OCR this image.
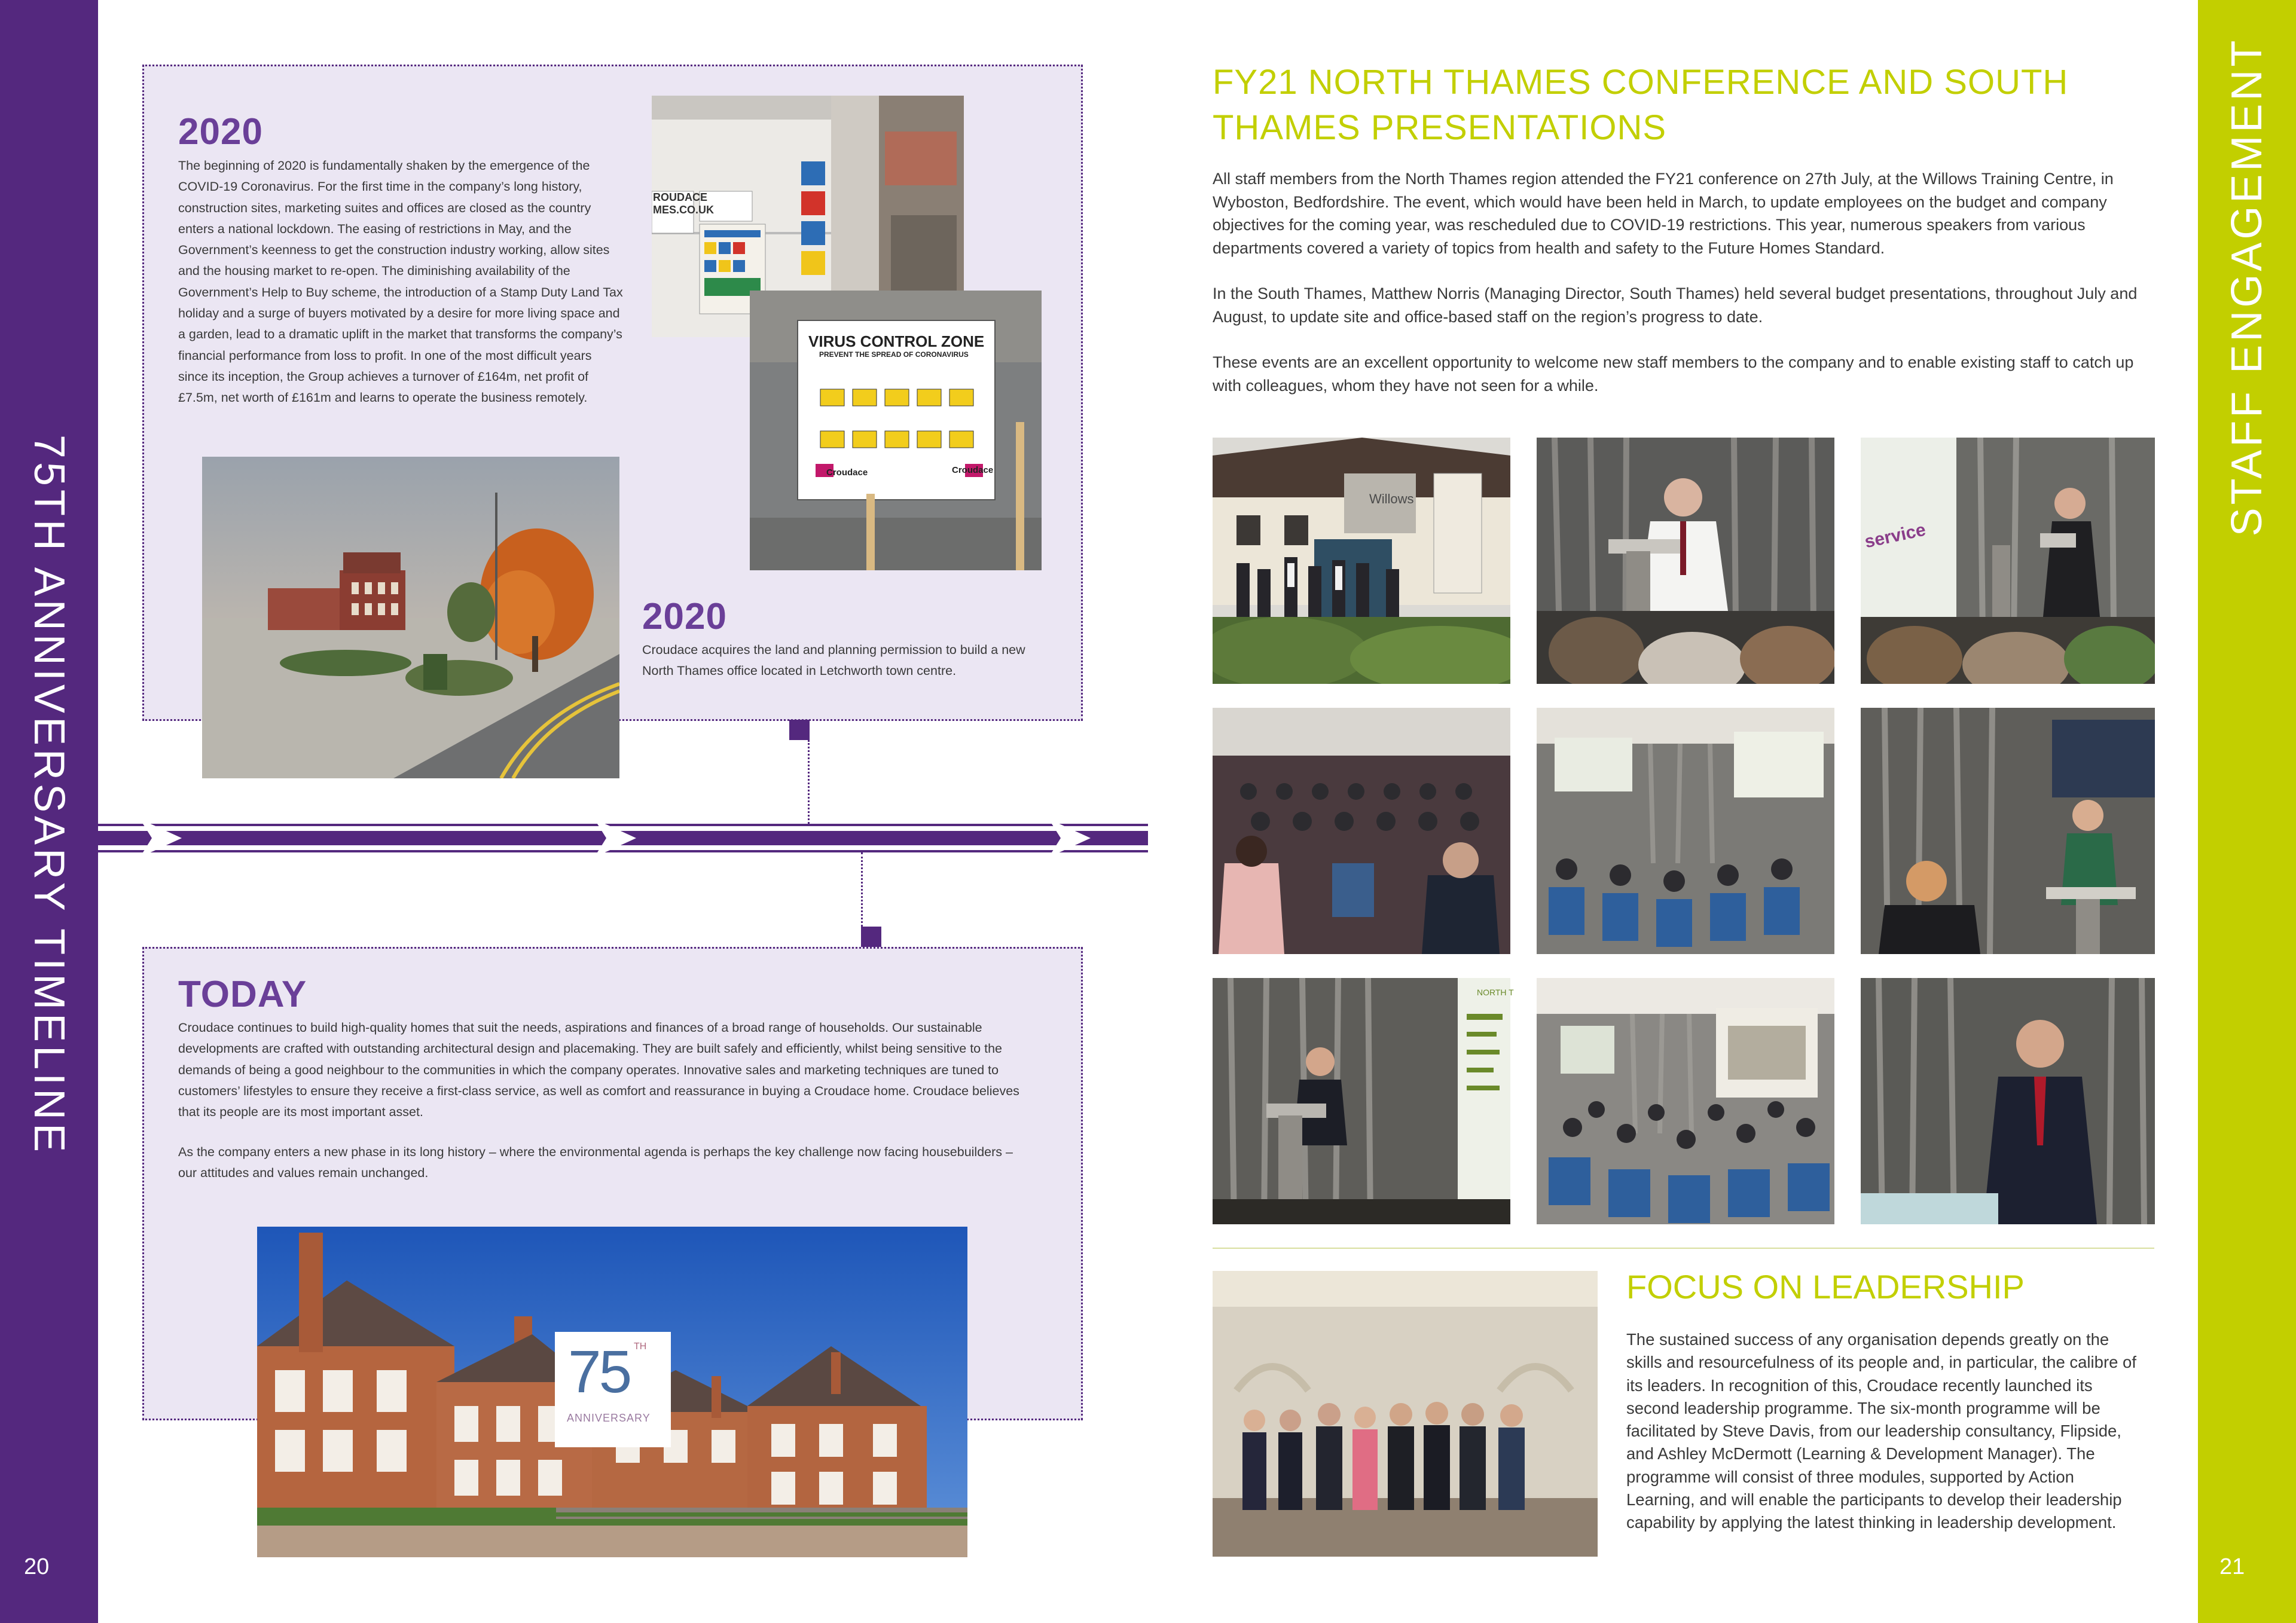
75TH ANNIVERSARY TIMELINE
20
2020
The beginning of 2020 is fundamentally shaken by the emergence of the COVID-19 Coronavirus. For the first time in the company’s long history, construction sites, marketing suites and offices are closed as the country enters a national lockdown. The easing of restrictions in May, and the Government’s keenness to get the construction industry working, allow sites and the housing market to re-open. The diminishing availability of the Government’s Help to Buy scheme, the introduction of a Stamp Duty Land Tax holiday and a surge of buyers motivated by a desire for more living space and a garden, lead to a dramatic uplift in the market that transforms the company’s financial performance from loss to profit. In one of the most difficult years since its inception, the Group achieves a turnover of £164m, net profit of £7.5m, net worth of £161m and learns to operate the business remotely.
ROUDACE
MES.CO.UK
VIRUS CONTROL ZONE
PREVENT THE SPREAD OF CORONAVIRUS
Croudace	Croudace
2020
Croudace acquires the land and planning permission to build a new North Thames office located in Letchworth town centre.
TODAY
Croudace continues to build high-quality homes that suit the needs, aspirations and finances of a broad range of households. Our sustainable developments are crafted with outstanding architectural design and placemaking. They are built safely and efficiently, whilst being sensitive to the demands of being a good neighbour to the communities in which the company operates. Innovative sales and marketing techniques are tuned to customers’ lifestyles to ensure they receive a first-class service, as well as comfort and reassurance in buying a Croudace home. Croudace believes that its people are its most important asset.
As the company enters a new phase in its long history – where the environmental agenda is perhaps the key challenge now facing housebuilders – our attitudes and values remain unchanged.
75 TH
ANNIVERSARY
STAFF ENGAGEMENT
21
FY21 NORTH THAMES CONFERENCE AND SOUTH THAMES PRESENTATIONS

All staff members from the North Thames region attended the FY21 conference on 27th July, at the Willows Training Centre, in Wyboston, Bedfordshire. The event, which would have been held in March, to update employees on the budget and company objectives for the coming year, was rescheduled due to COVID-19 restrictions. This year, numerous speakers from various departments covered a variety of topics from health and safety to the Future Homes Standard.

In the South Thames, Matthew Norris (Managing Director, South Thames) held several budget presentations, throughout July and August, to update site and office-based staff on the region’s progress to date.

These events are an excellent opportunity to welcome new staff members to the company and to enable existing staff to catch up with colleagues, whom they have not seen for a while.

Willows
service
NORTH T
FOCUS ON LEADERSHIP
The sustained success of any organisation depends greatly on the skills and resourcefulness of its people and, in particular, the calibre of its leaders. In recognition of this, Croudace recently launched its second leadership programme. The six-month programme will be facilitated by Steve Davis, from our leadership consultancy, Flipside, and Ashley McDermott (Learning & Development Manager). The programme will consist of three modules, supported by Action Learning, and will enable the participants to develop their leadership capability by applying the latest thinking in leadership development.
